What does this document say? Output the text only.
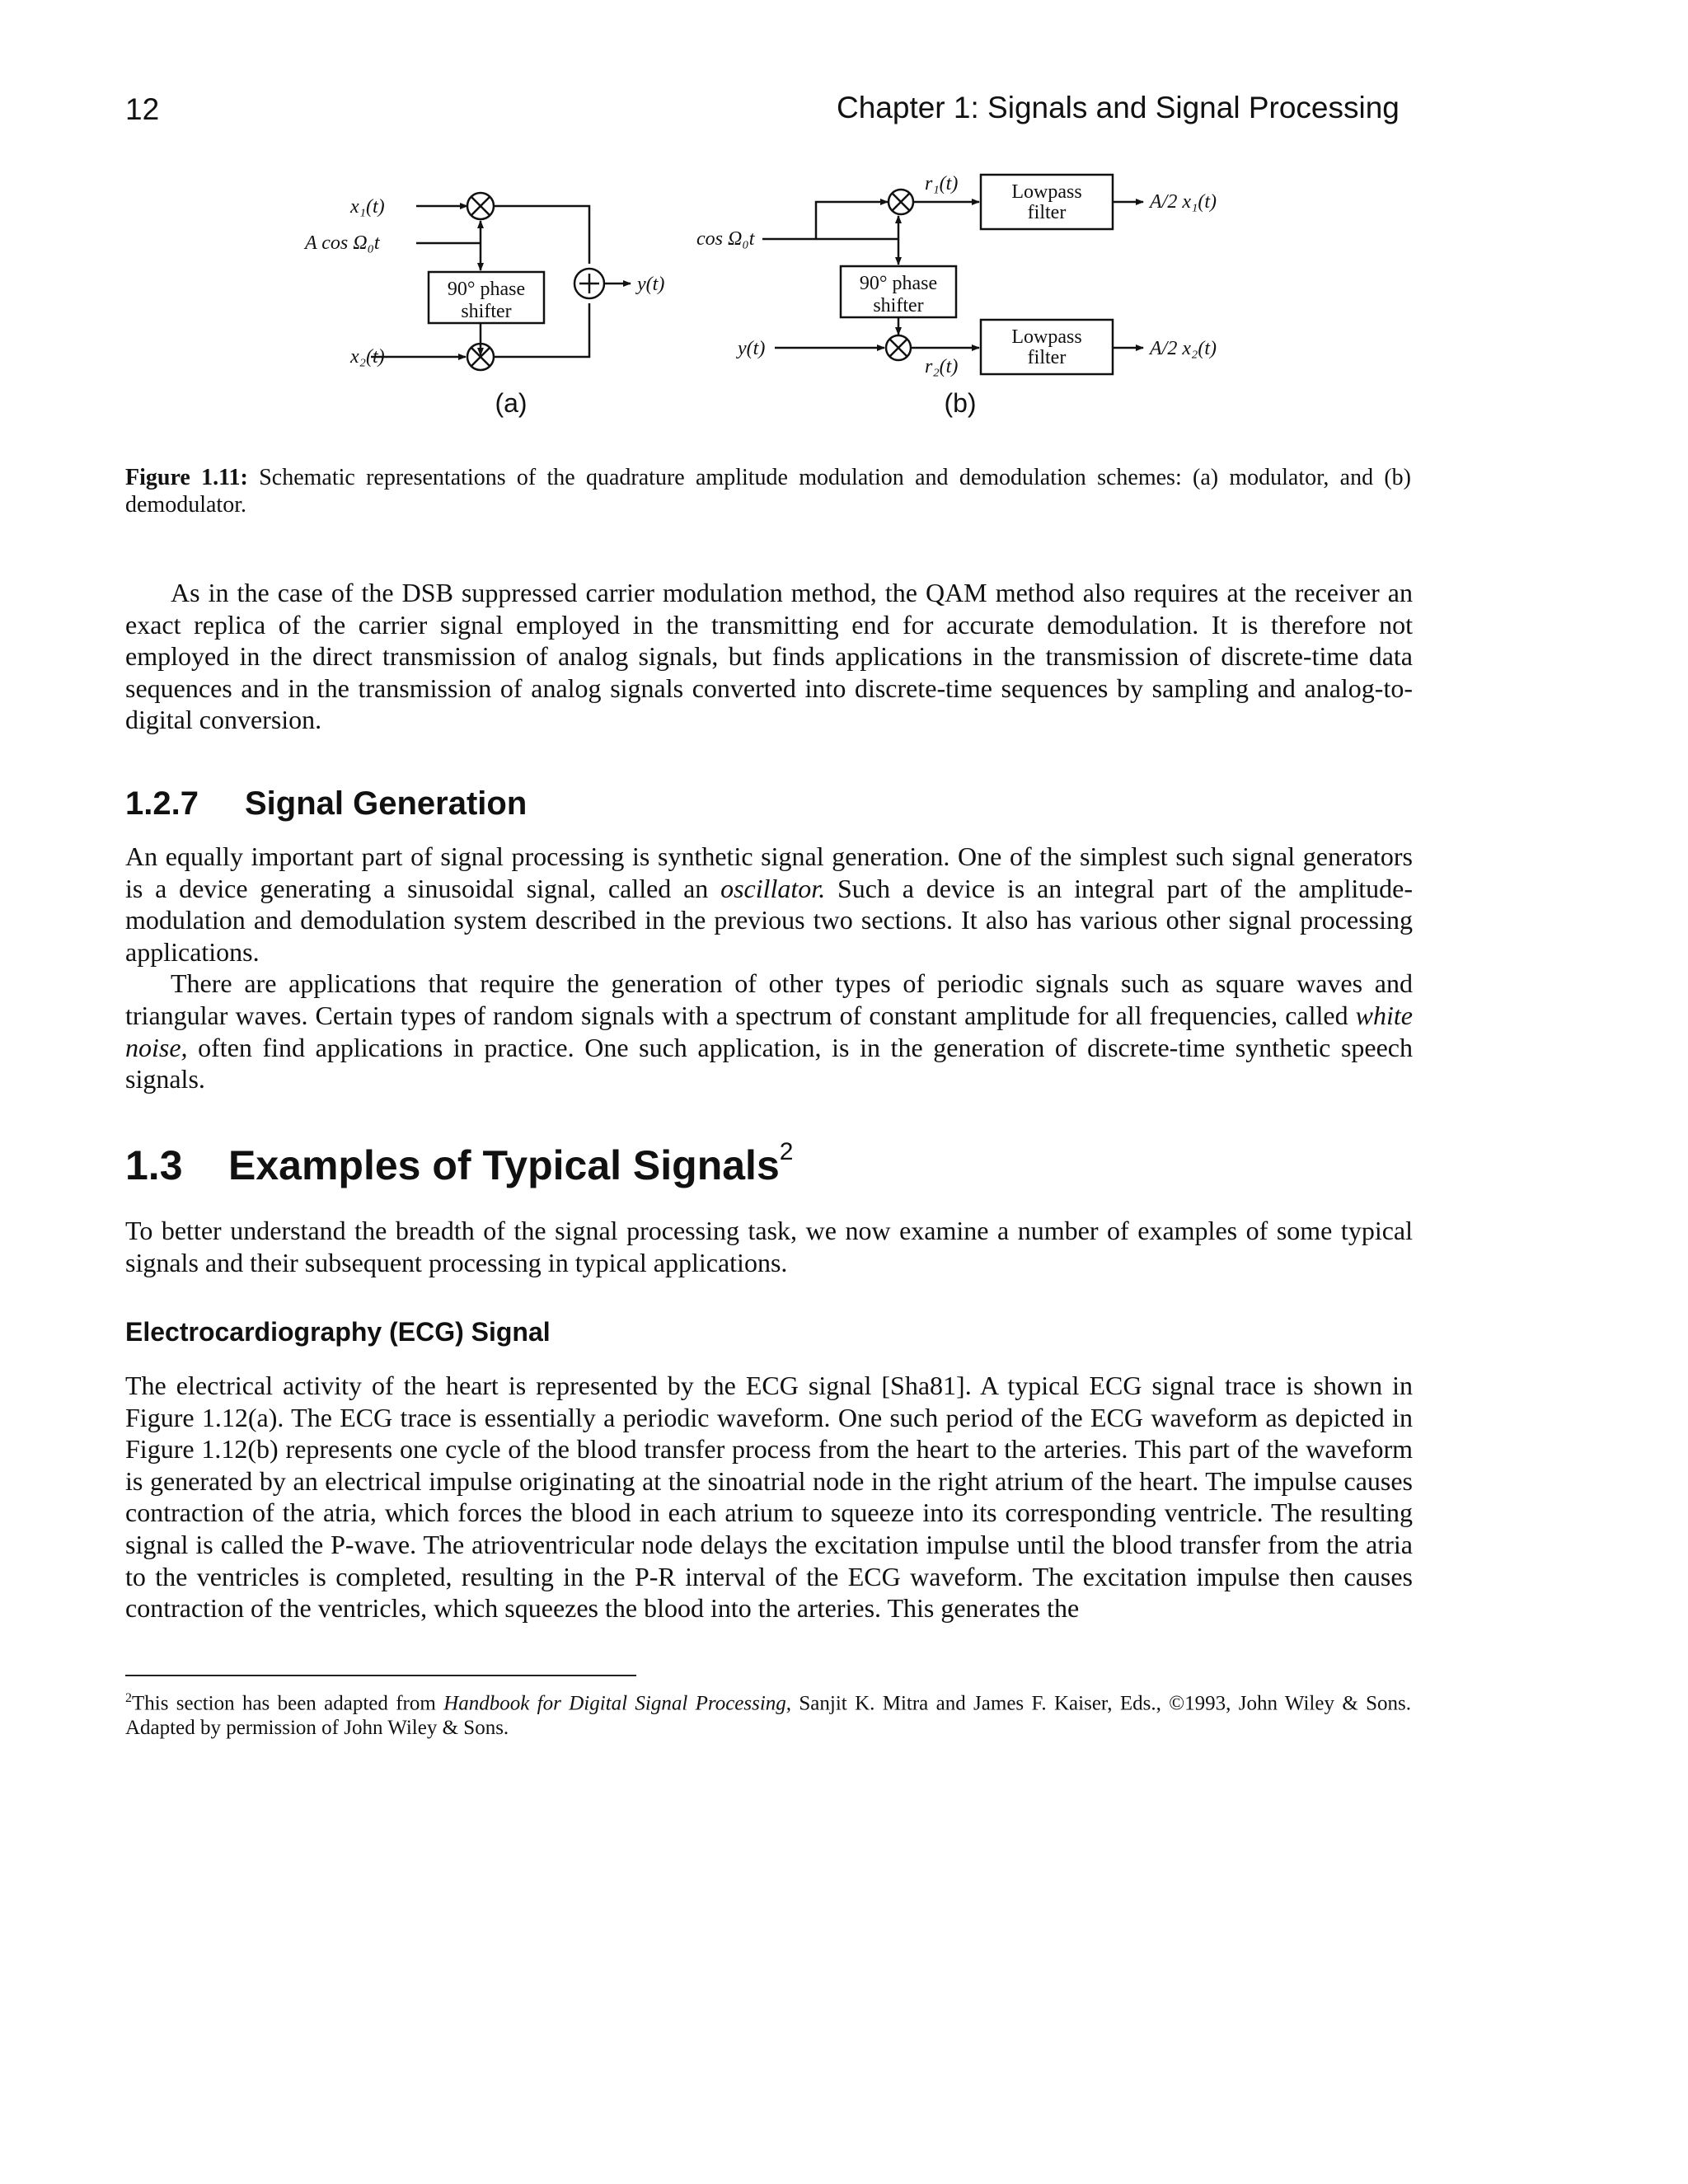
12	Chapter 1: Signals and Signal Processing
x₁(t)
A cos Ω₀t
90° phase
shifter
x₂(t)
y(t)
(a)
cos Ω₀t
y(t)
r₁(t)
r₂(t)
90° phase
shifter
Lowpass
filter
Lowpass
filter
A/2 x₁(t)
A/2 x₂(t)
(b)
Figure 1.11: Schematic representations of the quadrature amplitude modulation and demodulation schemes: (a) modulator, and (b) demodulator.
As in the case of the DSB suppressed carrier modulation method, the QAM method also requires at the receiver an exact replica of the carrier signal employed in the transmitting end for accurate demodulation. It is therefore not employed in the direct transmission of analog signals, but finds applications in the transmission of discrete-time data sequences and in the transmission of analog signals converted into discrete-time sequences by sampling and analog-to-digital conversion.
1.2.7 Signal Generation

An equally important part of signal processing is synthetic signal generation. One of the simplest such signal generators is a device generating a sinusoidal signal, called an oscillator. Such a device is an integral part of the amplitude-modulation and demodulation system described in the previous two sections. It also has various other signal processing applications.

There are applications that require the generation of other types of periodic signals such as square waves and triangular waves. Certain types of random signals with a spectrum of constant amplitude for all frequencies, called white noise, often find applications in practice. One such application, is in the generation of discrete-time synthetic speech signals.

1.3 Examples of Typical Signals$^2$
To better understand the breadth of the signal processing task, we now examine a number of examples of some typical signals and their subsequent processing in typical applications.
Electrocardiography (ECG) Signal
The electrical activity of the heart is represented by the ECG signal [Sha81]. A typical ECG signal trace is shown in Figure 1.12(a). The ECG trace is essentially a periodic waveform. One such period of the ECG waveform as depicted in Figure 1.12(b) represents one cycle of the blood transfer process from the heart to the arteries. This part of the waveform is generated by an electrical impulse originating at the sinoatrial node in the right atrium of the heart. The impulse causes contraction of the atria, which forces the blood in each atrium to squeeze into its corresponding ventricle. The resulting signal is called the P-wave. The atrioventricular node delays the excitation impulse until the blood transfer from the atria to the ventricles is completed, resulting in the P-R interval of the ECG waveform. The excitation impulse then causes contraction of the ventricles, which squeezes the blood into the arteries. This generates the
$^2$This section has been adapted from Handbook for Digital Signal Processing, Sanjit K. Mitra and James F. Kaiser, Eds., ©1993, John Wiley & Sons. Adapted by permission of John Wiley & Sons.
